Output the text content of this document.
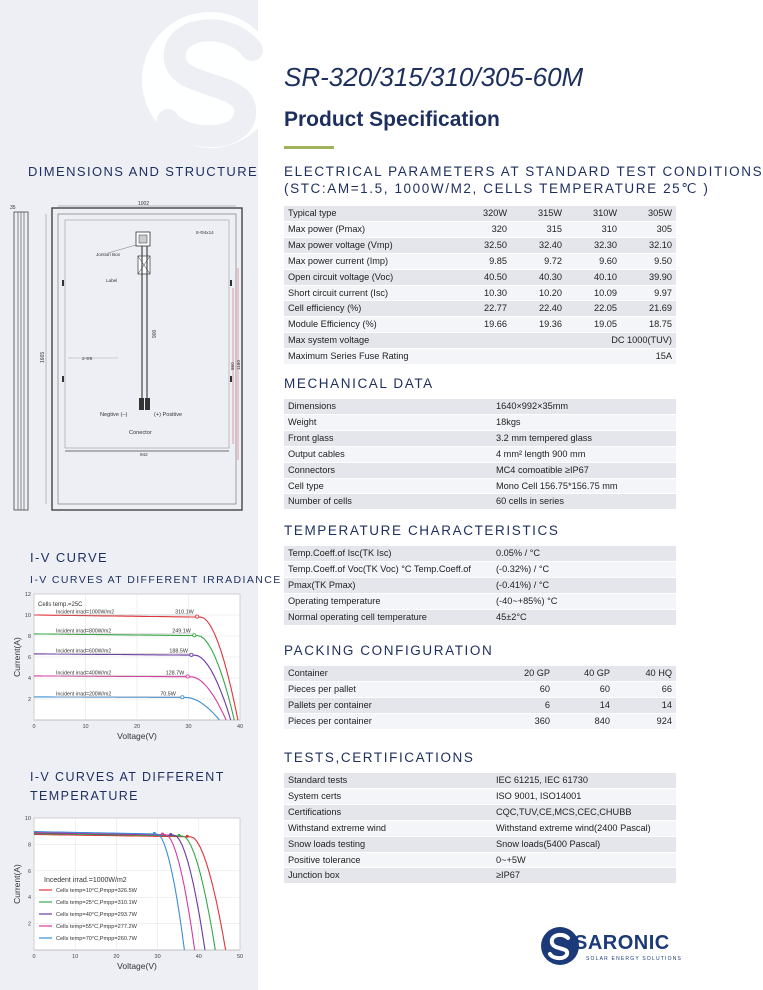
SR-320/315/310/305-60M
Product Specification
DIMENSIONS AND STRUCTURE
35
1002
1665
Jontion Box
Label
900
Negtive (–)	(+) Positive
Conector
8-Φ4x14
2-Φ9
860 1160
942
I-V CURVE
I-V CURVES AT DIFFERENT IRRADIANCE
0	10	20	30	40
2
4
6
8
10
12
Voltage(V)
Current(A)
Cells temp.=25C
Incident irrad=1000W/m2	310.1W
Incident irrad=800W/m2	249.1W
Incident irrad=600W/m2	188.5W
Incident irrad=400W/m2	128.7W
Incident irrad=200W/m2	70.5W
I-V CURVES AT DIFFERENT
TEMPERATURE
0	10	20	30	40	50
2
4
6
8
10
Voltage(V)
Current(A)	Incedent irrad.=1000W/m2
Cells temp=10°C,Pmpp=326.5W
Cells temp=25°C,Pmpp=310.1W
Cells temp=40°C,Pmpp=293.7W
Cells temp=55°C,Pmpp=277.2W
Cells temp=70°C,Pmpp=260.7W
ELECTRICAL PARAMETERS AT STANDARD TEST CONDITIONS
(STC:AM=1.5, 1000W/M2, CELLS TEMPERATURE 25℃ )
Typical type	320W	315W	310W	305W
Max power (Pmax)	320	315	310	305
Max power voltage (Vmp)	32.50	32.40	32.30	32.10
Max power current (Imp)	9.85	9.72	9.60	9.50
Open circuit voltage (Voc)	40.50	40.30	40.10	39.90
Short circuit current (Isc)	10.30	10.20	10.09	9.97
Cell efficiency (%)	22.77	22.40	22.05	21.69
Module Efficiency (%)	19.66	19.36	19.05	18.75
Max system voltage	DC 1000(TUV)			
Maximum Series Fuse Rating	15A			
MECHANICAL DATA
Dimensions	1640×992×35mm
Weight	18kgs
Front glass	3.2 mm tempered glass
Output cables	4 mm² length 900 mm
Connectors	MC4 comoatible ≥IP67
Cell type	Mono Cell 156.75*156.75 mm
Number of cells	60 cells in series
TEMPERATURE CHARACTERISTICS
Temp.Coeff.of Isc(TK Isc)	0.05% / °C
Temp.Coeff.of Voc(TK Voc) °C Temp.Coeff.of	(-0.32%) / °C
Pmax(TK Pmax)	(-0.41%) / °C
Operating temperature	(-40~+85%) °C
Normal operating cell temperature	45±2°C
PACKING CONFIGURATION
Container	20 GP	40 GP	40 HQ
Pieces per pallet	60	60	66
Pallets per container	6	14	14
Pieces per container	360	840	924
TESTS,CERTIFICATIONS
Standard tests	IEC 61215, IEC 61730
System certs	ISO 9001, ISO14001
Certifications	CQC,TUV,CE,MCS,CEC,CHUBB
Withstand extreme wind	Withstand extreme wind(2400 Pascal)
Snow loads testing	Snow loads(5400 Pascal)
Positive tolerance	0~+5W
Junction box	≥IP67
SARONIC
SOLAR ENERGY SOLUTIONS
